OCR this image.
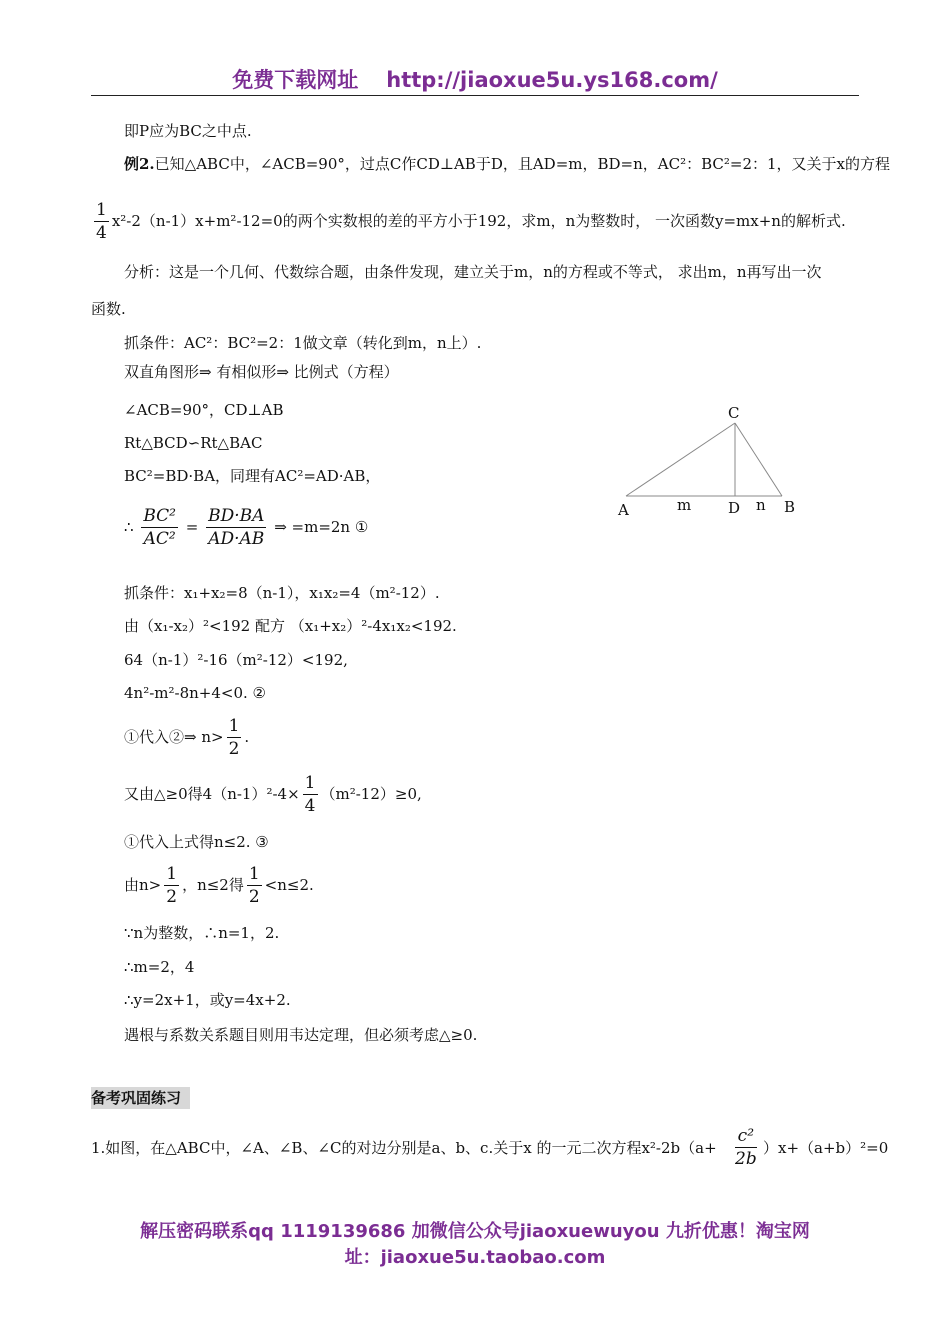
免费下载网址 http://jiaoxue5u.ys168.com/
即P应为BC之中点.
例2.已知△ABC中，∠ACB=90°，过点C作CD⊥AB于D，且AD=m，BD=n，AC²：BC²=2：1，又关于x的方程
$\frac{1}{4} x^2-2(n-1)x+m^2-12=0$的两个实数根的差的平方小于192，求m，n为整数时， 一次函数y=mx+n的解析式.
分析：这是一个几何、代数综合题，由条件发现，建立关于m，n的方程或不等式， 求出m，n再写出一次
函数.
抓条件：AC²：BC²=2：1做文章（转化到m，n上）.
双直角图形⇒ 有相似形⇒ 比例式（方程）
∠ACB=90°，CD⊥AB
Rt△BCD∽Rt△BAC
BC²=BD·BA，同理有AC²=AD·AB，
∴ $\frac{\text{BC²}}{\text{AC²}} = \frac{BD\cdot BA}{AD\cdot AB}$ ⇒ =m=2n ①
抓条件：x₁+x₂=8（n-1），x₁x₂=4（m²-12）.
由（x₁-x₂）²<192 配方 （x₁+x₂）²-4x₁x₂<192.
64（n-1）²-16（m²-12）<192,
4n²-m²-8n+4<0. ②
①代入②⇒ $n> \frac{1}{2}$ .
又由△≥0得$4(n-1)^2-4\times \frac{1}{4} (m^2-12)\ge 0$,
①代入上式得n≤2. ③
由$n> \frac{1}{2}$ ，n≤2得 $\frac{1}{2} <n\le 2$.
∵n为整数，∴n=1，2.
∴m=2，4
∴y=2x+1，或y=4x+2.
遇根与系数关系题目则用韦达定理，但必须考虑△≥0.
备考巩固练习
1.如图，在△ABC中，∠A、∠B、∠C的对边分别是a、b、c.关于x 的一元二次方程$x^2-2b(a+ \frac{\text{c²}}{2b} )x+(a+b)^2=0$
C
A	D	B
m	n
解压密码联系qq 1119139686 加微信公众号jiaoxuewuyou 九折优惠！淘宝网
址：jiaoxue5u.taobao.com
